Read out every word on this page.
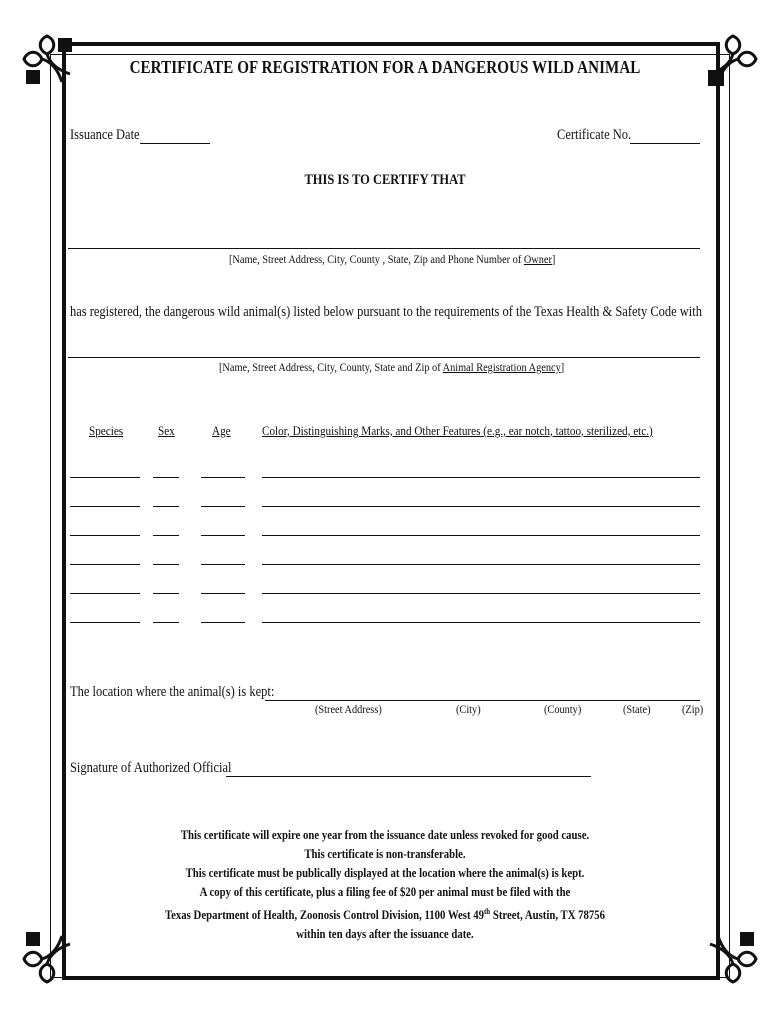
CERTIFICATE OF REGISTRATION FOR A DANGEROUS WILD ANIMAL
Issuance Date	Certificate No.
THIS IS TO CERTIFY THAT
[Name, Street Address, City, County , State, Zip and Phone Number of Owner]
has registered, the dangerous wild animal(s) listed below pursuant to the requirements of the Texas Health & Safety Code with
[Name, Street Address, City, County, State and Zip of Animal Registration Agency]
Species	Sex	Age Color, Distinguishing Marks, and Other Features (e.g., ear notch, tattoo, sterilized, etc.)
The location where the animal(s) is kept:
(Street Address)	(City)	(County)	(State)	(Zip)
Signature of Authorized Official
This certificate will expire one year from the issuance date unless revoked for good cause.
This certificate is non-transferable.
This certificate must be publically displayed at the location where the animal(s) is kept.
A copy of this certificate, plus a filing fee of $20 per animal must be filed with the
Texas Department of Health, Zoonosis Control Division, 1100 West 49th Street, Austin, TX 78756
within ten days after the issuance date.
